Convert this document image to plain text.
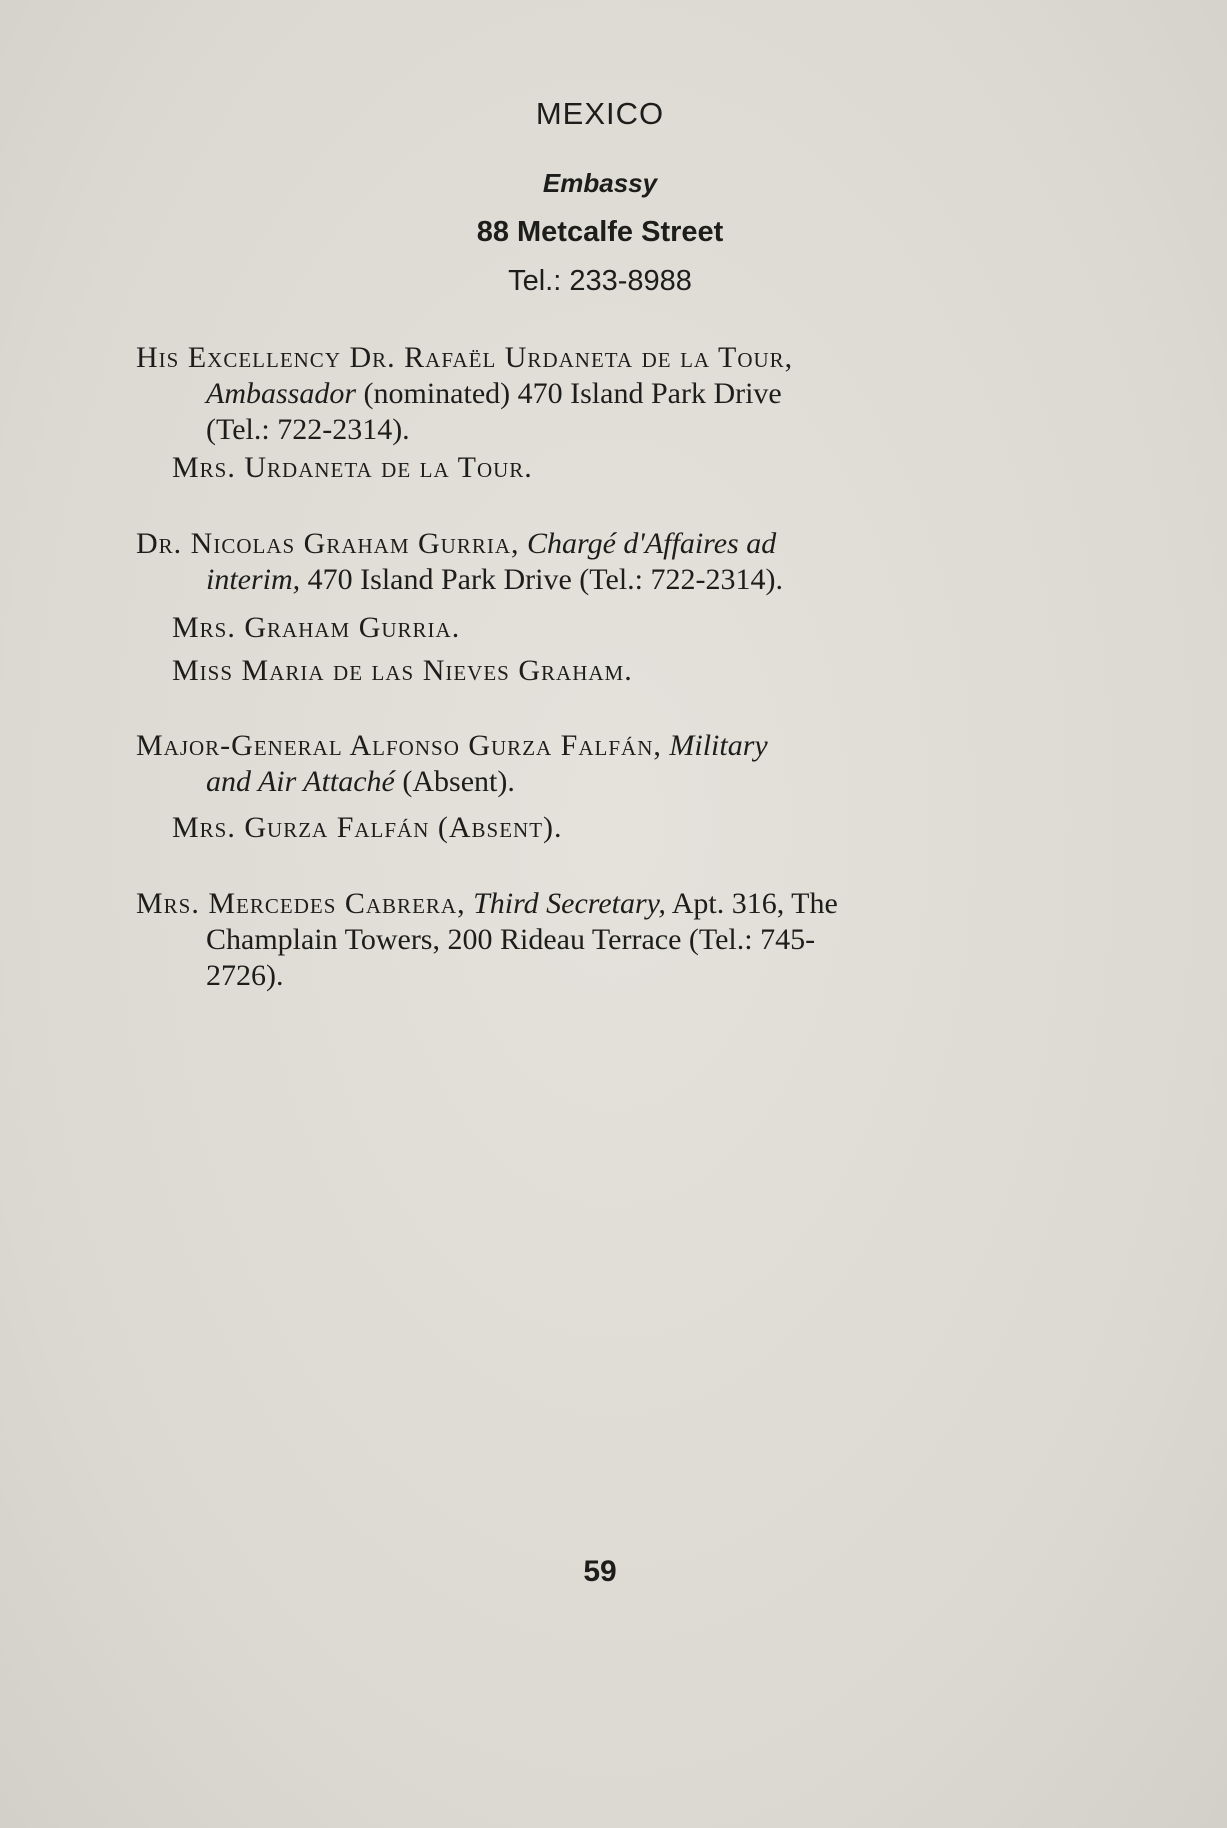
MEXICO
Embassy
88 Metcalfe Street
Tel.: 233-8988
His Excellency Dr. Rafaël Urdaneta de la Tour,
Ambassador (nominated) 470 Island Park Drive
(Tel.: 722-2314).
Mrs. Urdaneta de la Tour.
Dr. Nicolas Graham Gurria, Chargé d'Affaires ad
interim, 470 Island Park Drive (Tel.: 722-2314).
Mrs. Graham Gurria.
Miss Maria de las Nieves Graham.
Major-General Alfonso Gurza Falfán, Military
and Air Attaché (Absent).
Mrs. Gurza Falfán (Absent).
Mrs. Mercedes Cabrera, Third Secretary, Apt. 316, The
Champlain Towers, 200 Rideau Terrace (Tel.: 745-
2726).
59
